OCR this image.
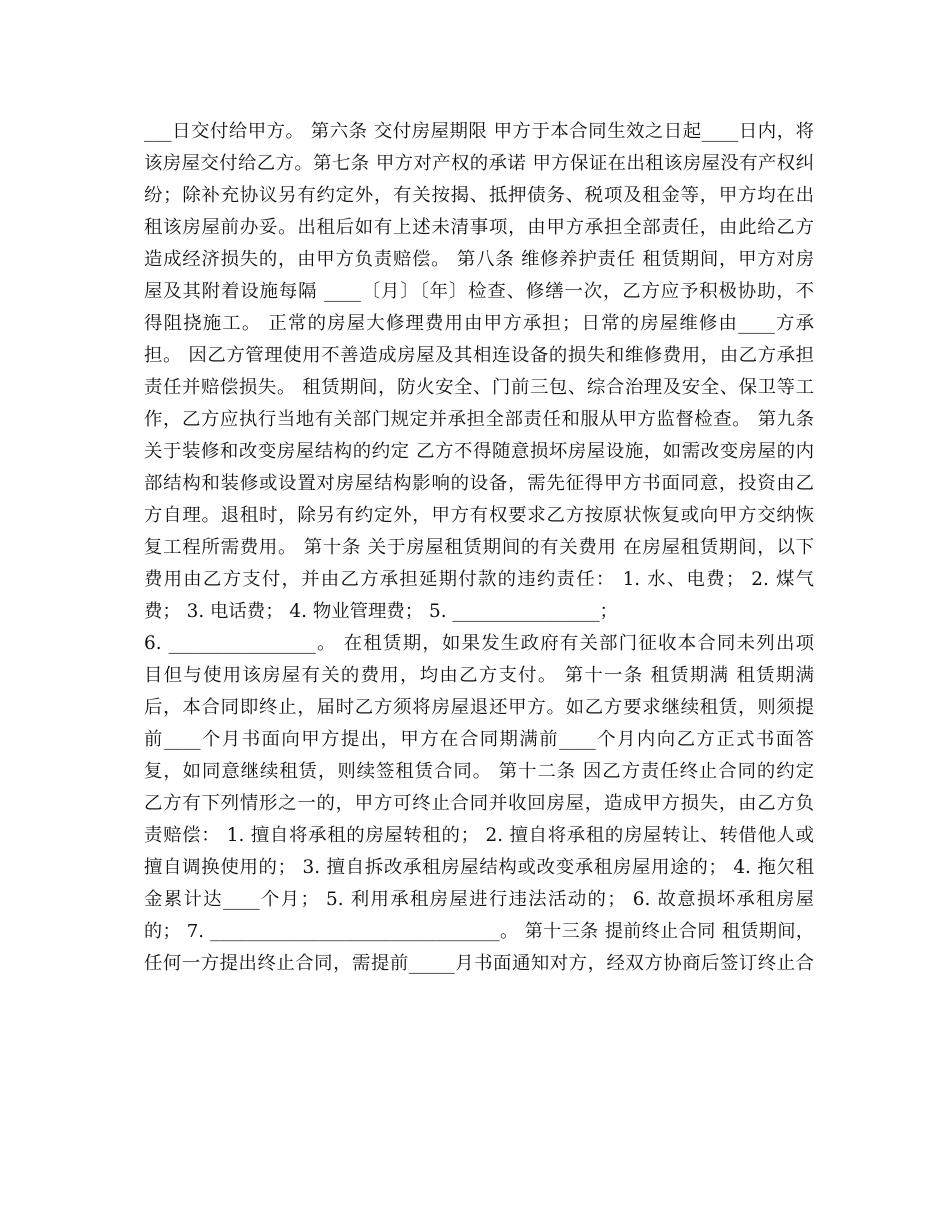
___日交付给甲方。 第六条 交付房屋期限 甲方于本合同生效之日起____日内，将
该房屋交付给乙方。第七条 甲方对产权的承诺 甲方保证在出租该房屋没有产权纠
纷；除补充协议另有约定外，有关按揭、抵押债务、税项及租金等，甲方均在出
租该房屋前办妥。出租后如有上述未清事项，由甲方承担全部责任，由此给乙方
造成经济损失的，由甲方负责赔偿。 第八条 维修养护责任 租赁期间，甲方对房
屋及其附着设施每隔 ____〔月〕〔年〕检查、修缮一次，乙方应予积极协助，不
得阻挠施工。 正常的房屋大修理费用由甲方承担；日常的房屋维修由____方承
担。 因乙方管理使用不善造成房屋及其相连设备的损失和维修费用，由乙方承担
责任并赔偿损失。 租赁期间，防火安全、门前三包、综合治理及安全、保卫等工
作，乙方应执行当地有关部门规定并承担全部责任和服从甲方监督检查。 第九条
关于装修和改变房屋结构的约定 乙方不得随意损坏房屋设施，如需改变房屋的内
部结构和装修或设置对房屋结构影响的设备，需先征得甲方书面同意，投资由乙
方自理。退租时，除另有约定外，甲方有权要求乙方按原状恢复或向甲方交纳恢
复工程所需费用。 第十条 关于房屋租赁期间的有关费用 在房屋租赁期间，以下
费用由乙方支付，并由乙方承担延期付款的违约责任： 1. 水、电费； 2. 煤气
费； 3. 电话费； 4. 物业管理费； 5. ________________；
6. ________________。 在租赁期，如果发生政府有关部门征收本合同未列出项
目但与使用该房屋有关的费用，均由乙方支付。 第十一条 租赁期满 租赁期满
后，本合同即终止，届时乙方须将房屋退还甲方。如乙方要求继续租赁，则须提
前____个月书面向甲方提出，甲方在合同期满前____个月内向乙方正式书面答
复，如同意继续租赁，则续签租赁合同。 第十二条 因乙方责任终止合同的约定
乙方有下列情形之一的，甲方可终止合同并收回房屋，造成甲方损失，由乙方负
责赔偿： 1. 擅自将承租的房屋转租的； 2. 擅自将承租的房屋转让、转借他人或
擅自调换使用的； 3. 擅自拆改承租房屋结构或改变承租房屋用途的； 4. 拖欠租
金累计达____个月； 5. 利用承租房屋进行违法活动的； 6. 故意损坏承租房屋
的； 7. ________________________________。 第十三条 提前终止合同 租赁期间，
任何一方提出终止合同，需提前_____月书面通知对方，经双方协商后签订终止合
